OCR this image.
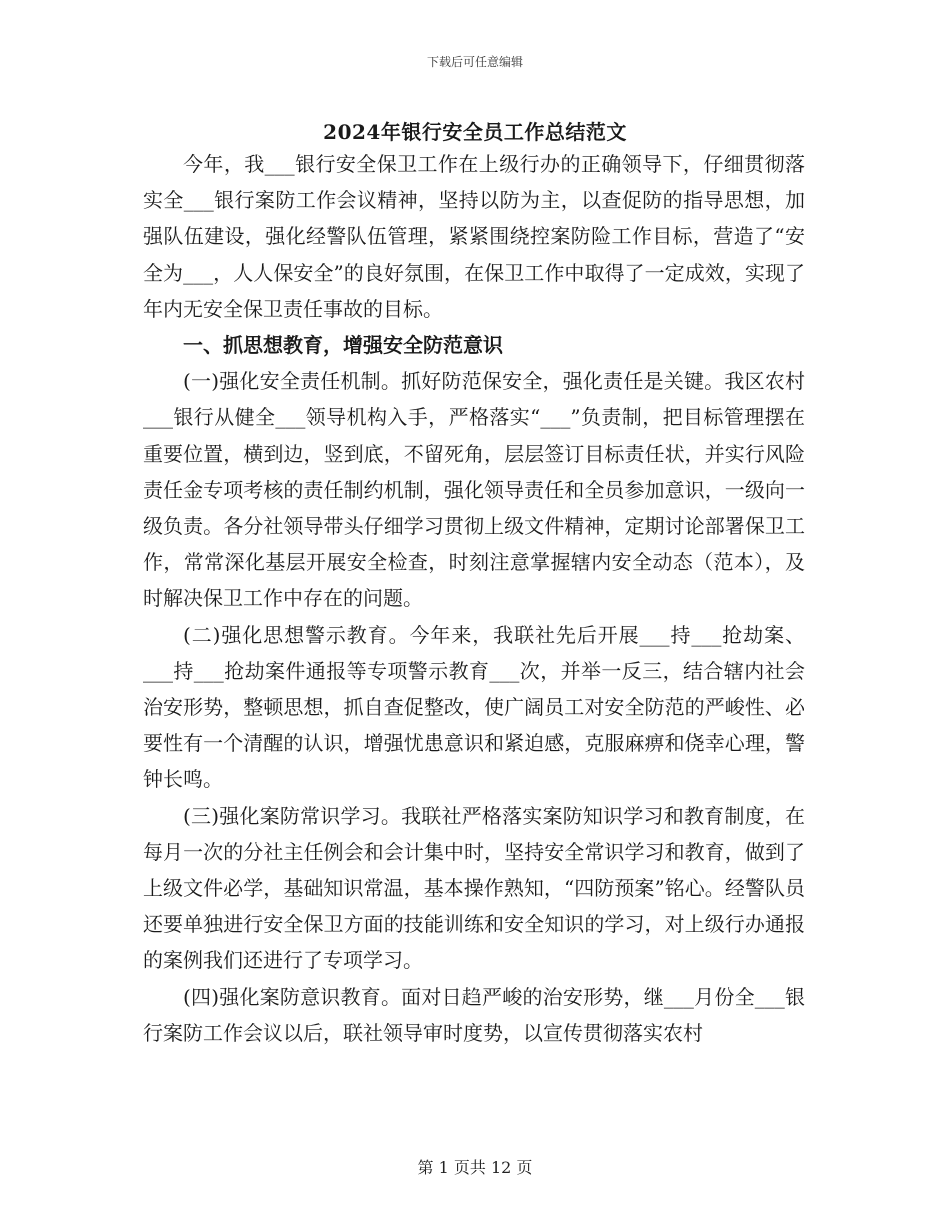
下载后可任意编辑
2024年银行安全员工作总结范文

今年，我___银行安全保卫工作在上级行办的正确领导下，仔细贯彻落实全___银行案防工作会议精神，坚持以防为主，以查促防的指导思想，加强队伍建设，强化经警队伍管理，紧紧围绕控案防险工作目标，营造了“安全为___，人人保安全”的良好氛围，在保卫工作中取得了一定成效，实现了年内无安全保卫责任事故的目标。

一、抓思想教育，增强安全防范意识

(一)强化安全责任机制。抓好防范保安全，强化责任是关键。我区农村___银行从健全___领导机构入手，严格落实“___”负责制，把目标管理摆在重要位置，横到边，竖到底，不留死角，层层签订目标责任状，并实行风险责任金专项考核的责任制约机制，强化领导责任和全员参加意识，一级向一级负责。各分社领导带头仔细学习贯彻上级文件精神，定期讨论部署保卫工作，常常深化基层开展安全检查，时刻注意掌握辖内安全动态（范本），及时解决保卫工作中存在的问题。

(二)强化思想警示教育。今年来，我联社先后开展___持___抢劫案、___持___抢劫案件通报等专项警示教育___次，并举一反三，结合辖内社会治安形势，整顿思想，抓自查促整改，使广阔员工对安全防范的严峻性、必要性有一个清醒的认识，增强忧患意识和紧迫感，克服麻痹和侥幸心理，警钟长鸣。

(三)强化案防常识学习。我联社严格落实案防知识学习和教育制度，在每月一次的分社主任例会和会计集中时，坚持安全常识学习和教育，做到了上级文件必学，基础知识常温，基本操作熟知，“四防预案”铭心。经警队员还要单独进行安全保卫方面的技能训练和安全知识的学习，对上级行办通报的案例我们还进行了专项学习。

(四)强化案防意识教育。面对日趋严峻的治安形势，继___月份全___银行案防工作会议以后，联社领导审时度势，以宣传贯彻落实农村

第 1 页共 12 页
